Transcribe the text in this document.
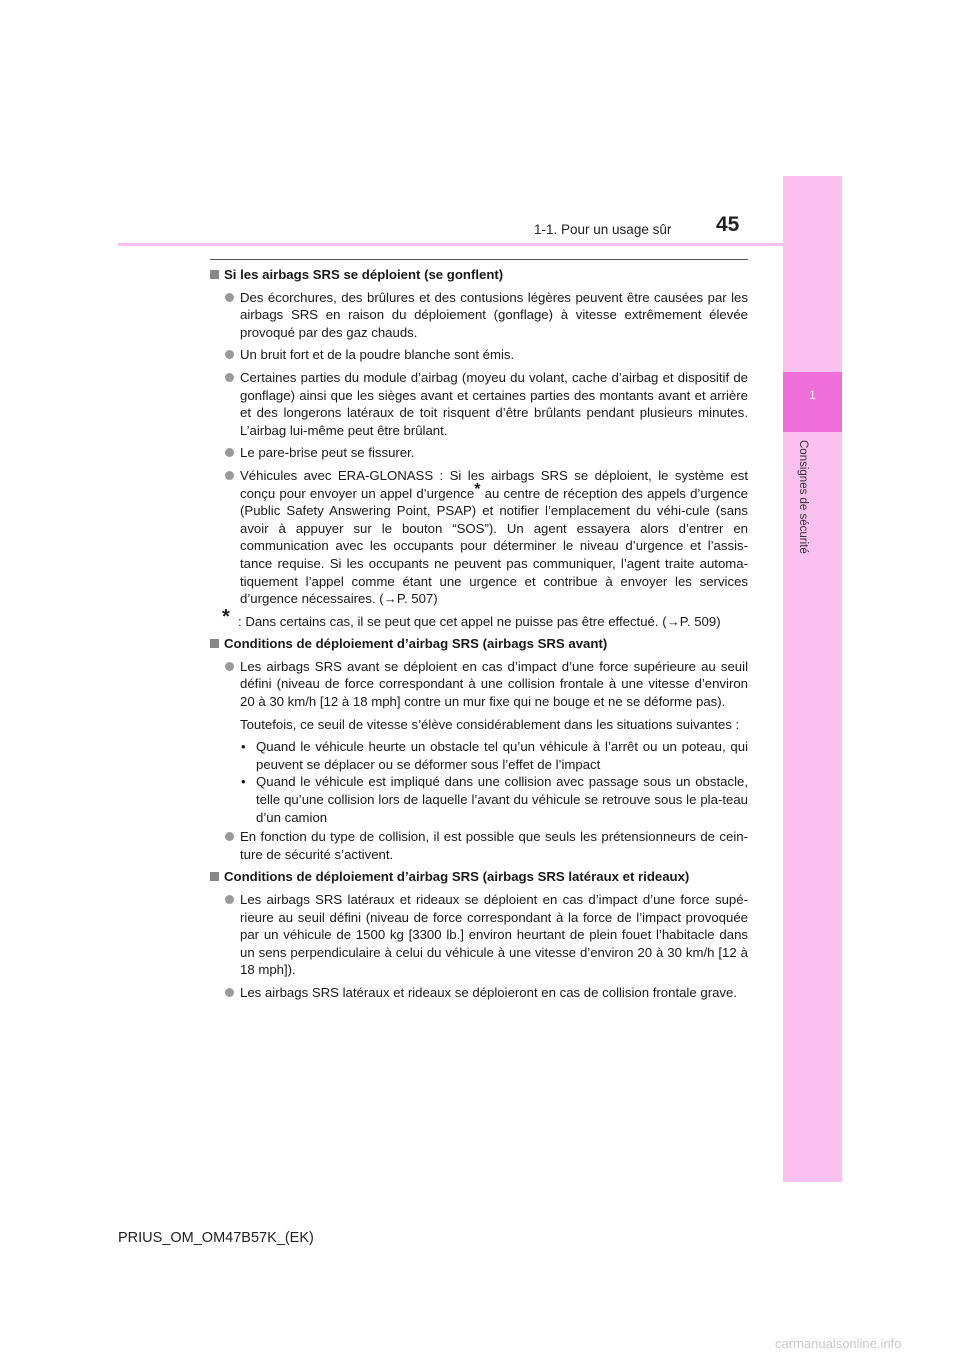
1
Consignes de sécurité
1-1. Pour un usage sûr 45
Si les airbags SRS se déploient (se gonflent)
Des écorchures, des brûlures et des contusions légères peuvent être causées par les airbags SRS en raison du déploiement (gonflage) à vitesse extrêmement élevée provoqué par des gaz chauds.
Un bruit fort et de la poudre blanche sont émis.
Certaines parties du module d’airbag (moyeu du volant, cache d’airbag et dispositif de gonflage) ainsi que les sièges avant et certaines parties des montants avant et arrière et des longerons latéraux de toit risquent d’être brûlants pendant plusieurs minutes. L’airbag lui-même peut être brûlant.
Le pare-brise peut se fissurer.
Véhicules avec ERA-GLONASS : Si les airbags SRS se déploient, le système est conçu pour envoyer un appel d’urgence* au centre de réception des appels d’urgence (Public Safety Answering Point, PSAP) et notifier l’emplacement du véhi-cule (sans avoir à appuyer sur le bouton “SOS”). Un agent essayera alors d’entrer en communication avec les occupants pour déterminer le niveau d’urgence et l’assis-tance requise. Si les occupants ne peuvent pas communiquer, l’agent traite automa-tiquement l’appel comme étant une urgence et contribue à envoyer les services d’urgence nécessaires. (→P. 507)
* : Dans certains cas, il se peut que cet appel ne puisse pas être effectué. (→P. 509)
Conditions de déploiement d’airbag SRS (airbags SRS avant)
Les airbags SRS avant se déploient en cas d’impact d’une force supérieure au seuil défini (niveau de force correspondant à une collision frontale à une vitesse d’environ 20 à 30 km/h [12 à 18 mph] contre un mur fixe qui ne bouge et ne se déforme pas).
Toutefois, ce seuil de vitesse s’élève considérablement dans les situations suivantes :
• Quand le véhicule heurte un obstacle tel qu’un véhicule à l’arrêt ou un poteau, qui peuvent se déplacer ou se déformer sous l’effet de l’impact
• Quand le véhicule est impliqué dans une collision avec passage sous un obstacle, telle qu’une collision lors de laquelle l’avant du véhicule se retrouve sous le pla-teau d’un camion
En fonction du type de collision, il est possible que seuls les prétensionneurs de cein-ture de sécurité s’activent.
Conditions de déploiement d’airbag SRS (airbags SRS latéraux et rideaux)
Les airbags SRS latéraux et rideaux se déploient en cas d’impact d’une force supé-rieure au seuil défini (niveau de force correspondant à la force de l’impact provoquée par un véhicule de 1500 kg [3300 lb.] environ heurtant de plein fouet l’habitacle dans un sens perpendiculaire à celui du véhicule à une vitesse d’environ 20 à 30 km/h [12 à 18 mph]).
Les airbags SRS latéraux et rideaux se déploieront en cas de collision frontale grave.
PRIUS_OM_OM47B57K_(EK)
carmanualsonline.info
